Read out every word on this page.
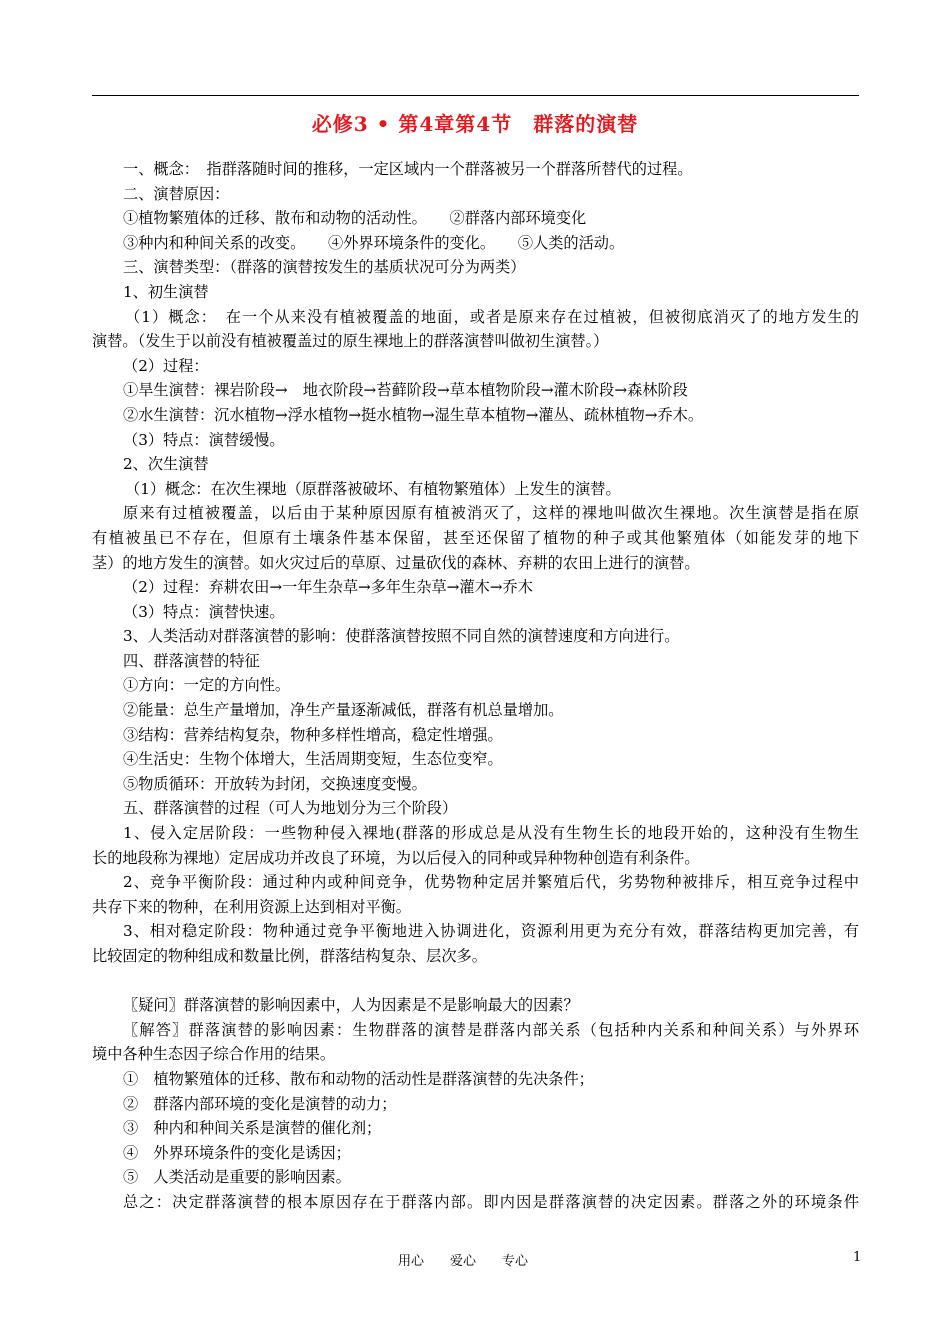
必修3 • 第4章第4节　群落的演替
一、概念：　指群落随时间的推移，一定区域内一个群落被另一个群落所替代的过程。
二、演替原因：
①植物繁殖体的迁移、散布和动物的活动性。　　②群落内部环境变化
③种内和种间关系的改变。　　④外界环境条件的变化。　　⑤人类的活动。
三、演替类型：（群落的演替按发生的基质状况可分为两类）
1、初生演替
（1）概念：　在一个从来没有植被覆盖的地面，或者是原来存在过植被，但被彻底消灭了的地方发生的
演替。（发生于以前没有植被覆盖过的原生裸地上的群落演替叫做初生演替。）
（2）过程：
①旱生演替：裸岩阶段→　地衣阶段→苔藓阶段→草本植物阶段→灌木阶段→森林阶段
②水生演替：沉水植物→浮水植物→挺水植物→湿生草本植物→灌丛、疏林植物→乔木。
（3）特点：演替缓慢。
2、次生演替
（1）概念：在次生裸地（原群落被破坏、有植物繁殖体）上发生的演替。
原来有过植被覆盖，以后由于某种原因原有植被消灭了，这样的裸地叫做次生裸地。次生演替是指在原
有植被虽已不存在，但原有土壤条件基本保留，甚至还保留了植物的种子或其他繁殖体（如能发芽的地下
茎）的地方发生的演替。如火灾过后的草原、过量砍伐的森林、弃耕的农田上进行的演替。
（2）过程：弃耕农田→一年生杂草→多年生杂草→灌木→乔木
（3）特点：演替快速。
3、人类活动对群落演替的影响：使群落演替按照不同自然的演替速度和方向进行。
四、群落演替的特征
①方向：一定的方向性。
②能量：总生产量增加，净生产量逐渐减低，群落有机总量增加。
③结构：营养结构复杂，物种多样性增高，稳定性增强。
④生活史：生物个体增大，生活周期变短，生态位变窄。
⑤物质循环：开放转为封闭，交换速度变慢。
五、群落演替的过程（可人为地划分为三个阶段）
1、侵入定居阶段：一些物种侵入裸地(群落的形成总是从没有生物生长的地段开始的，这种没有生物生
长的地段称为裸地）定居成功并改良了环境，为以后侵入的同种或异种物种创造有利条件。
2、竞争平衡阶段：通过种内或种间竞争，优势物种定居并繁殖后代，劣势物种被排斥，相互竞争过程中
共存下来的物种，在利用资源上达到相对平衡。
3、相对稳定阶段：物种通过竞争平衡地进入协调进化，资源利用更为充分有效，群落结构更加完善，有
比较固定的物种组成和数量比例，群落结构复杂、层次多。
〖疑问〗群落演替的影响因素中，人为因素是不是影响最大的因素？
〖解答〗群落演替的影响因素：生物群落的演替是群落内部关系（包括种内关系和种间关系）与外界环
境中各种生态因子综合作用的结果。
①　植物繁殖体的迁移、散布和动物的活动性是群落演替的先决条件；
②　群落内部环境的变化是演替的动力；
③　种内和种间关系是演替的催化剂；
④　外界环境条件的变化是诱因；
⑤　人类活动是重要的影响因素。
总之：决定群落演替的根本原因存在于群落内部。即内因是群落演替的决定因素。群落之外的环境条件
用心　　爱心　　专心	1
